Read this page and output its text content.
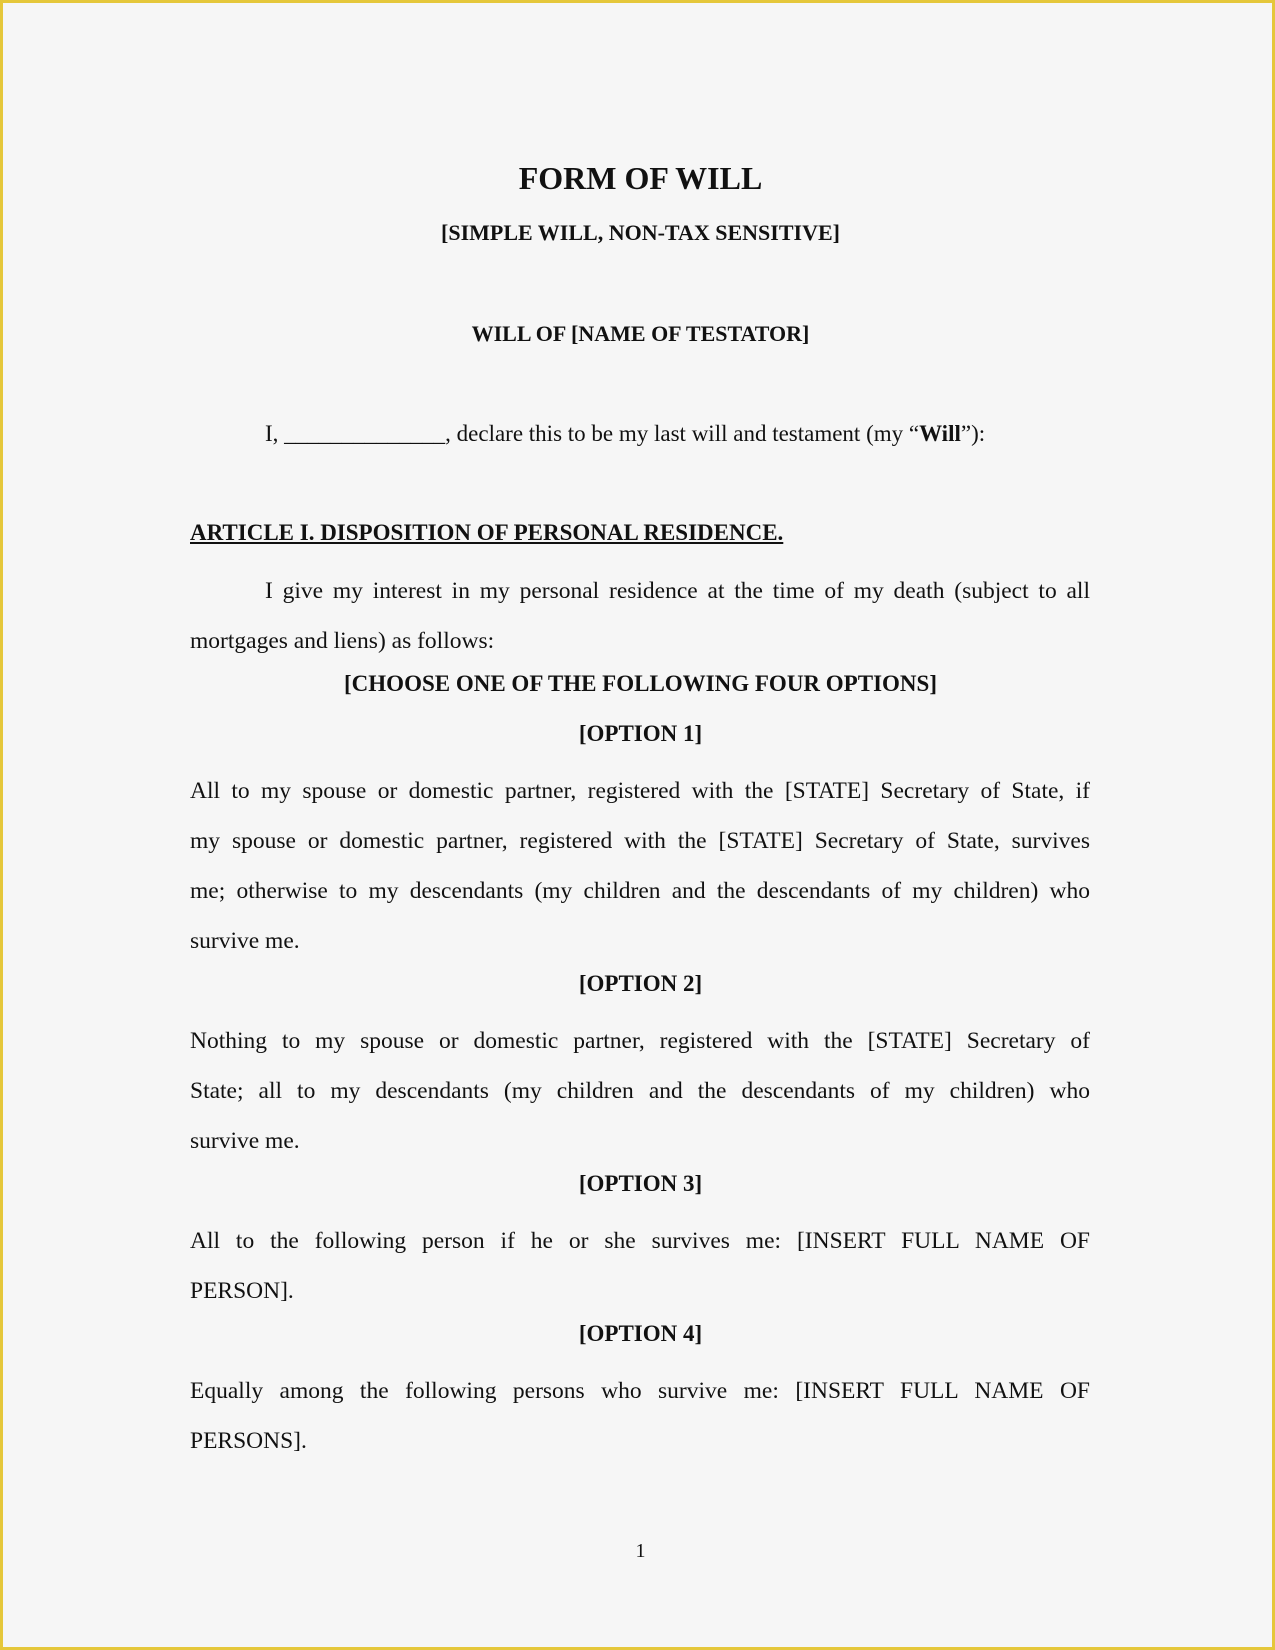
FORM OF WILL
[SIMPLE WILL, NON-TAX SENSITIVE]
WILL OF [NAME OF TESTATOR]
I, ______________, declare this to be my last will and testament (my “Will”):
ARTICLE I. DISPOSITION OF PERSONAL RESIDENCE.
I give my interest in my personal residence at the time of my death (subject to all
mortgages and liens) as follows:
[CHOOSE ONE OF THE FOLLOWING FOUR OPTIONS]
[OPTION 1]
All to my spouse or domestic partner, registered with the [STATE] Secretary of State, if
my spouse or domestic partner, registered with the [STATE] Secretary of State, survives
me; otherwise to my descendants (my children and the descendants of my children) who
survive me.
[OPTION 2]
Nothing to my spouse or domestic partner, registered with the [STATE] Secretary of
State; all to my descendants (my children and the descendants of my children) who
survive me.
[OPTION 3]
All to the following person if he or she survives me: [INSERT FULL NAME OF
PERSON].
[OPTION 4]
Equally among the following persons who survive me: [INSERT FULL NAME OF
PERSONS].
1
